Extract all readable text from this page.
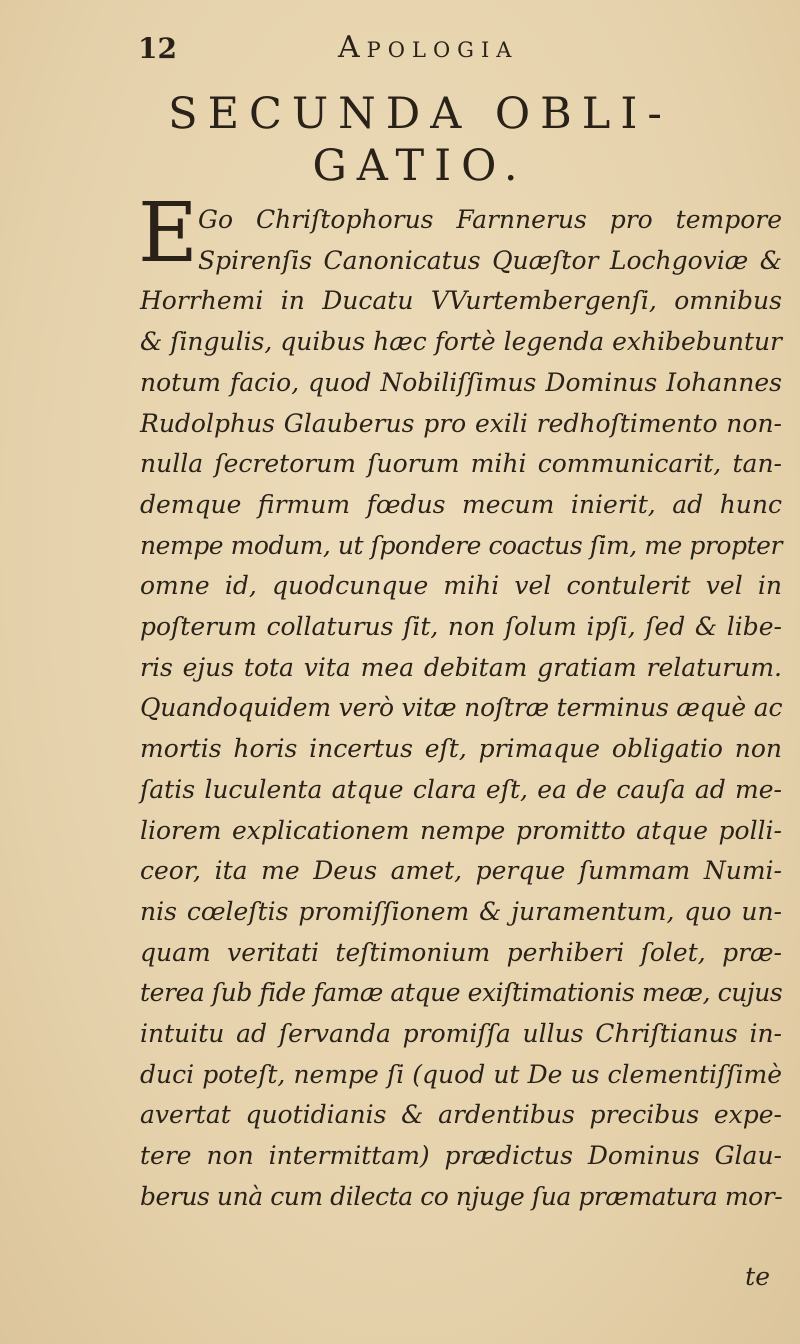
12	Apologia
SECUNDA OBLI-
GATIO.
E Go Chriſtophorus Farnnerus pro tempore
Spirenſis Canonicatus Quæſtor Lochgoviæ &
Horrhemi in Ducatu VVurtembergenſi, omnibus
& ſingulis, quibus hæc fortè legenda exhibebuntur
notum facio, quod Nobiliſſimus Dominus Iohannes
Rudolphus Glauberus pro exili redhoſtimento non-
nulla ſecretorum ſuorum mihi communicarit, tan-
demque firmum fœdus mecum inierit, ad hunc
nempe modum, ut ſpondere coactus ſim, me propter
omne id, quodcunque mihi vel contulerit vel in
poſterum collaturus ſit, non ſolum ipſi, ſed & libe-
ris ejus tota vita mea debitam gratiam relaturum.
Quandoquidem verò vitæ noſtræ terminus æquè ac
mortis horis incertus eſt, primaque obligatio non
ſatis luculenta atque clara eſt, ea de cauſa ad me-
liorem explicationem nempe promitto atque polli-
ceor, ita me Deus amet, perque ſummam Numi-
nis cœleſtis promiſſionem & juramentum, quo un-
quam veritati teſtimonium perhiberi ſolet, præ-
terea ſub fide famæ atque exiſtimationis meæ, cujus
intuitu ad ſervanda promiſſa ullus Chriſtianus in-
duci poteſt, nempe ſi (quod ut De us clementiſſimè
avertat quotidianis & ardentibus precibus expe-
tere non intermittam) prædictus Dominus Glau-
berus unà cum dilecta co njuge ſua præmatura mor-
te
